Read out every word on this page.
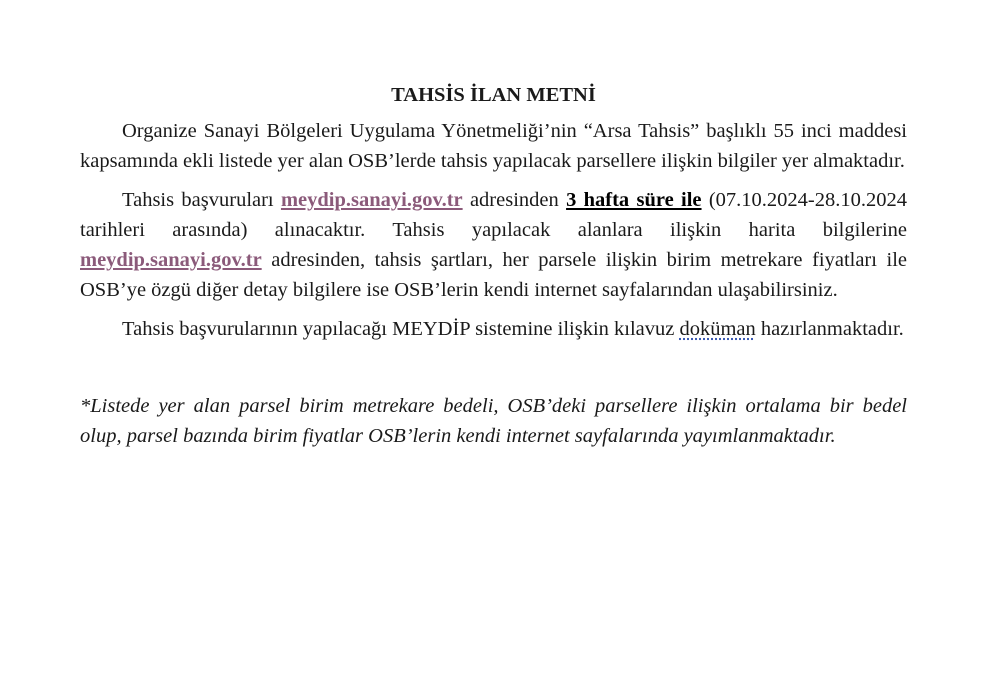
TAHSİS İLAN METNİ

Organize Sanayi Bölgeleri Uygulama Yönetmeliği’nin “Arsa Tahsis” başlıklı 55 inci maddesi kapsamında ekli listede yer alan OSB’lerde tahsis yapılacak parsellere ilişkin bilgiler yer almaktadır.

Tahsis başvuruları meydip.sanayi.gov.tr adresinden 3 hafta süre ile (07.10.2024-28.10.2024 tarihleri arasında) alınacaktır. Tahsis yapılacak alanlara ilişkin harita bilgilerine meydip.sanayi.gov.tr adresinden, tahsis şartları, her parsele ilişkin birim metrekare fiyatları ile OSB’ye özgü diğer detay bilgilere ise OSB’lerin kendi internet sayfalarından ulaşabilirsiniz.

Tahsis başvurularının yapılacağı MEYDİP sistemine ilişkin kılavuz doküman hazırlanmaktadır.

*Listede yer alan parsel birim metrekare bedeli, OSB’deki parsellere ilişkin ortalama bir bedel olup, parsel bazında birim fiyatlar OSB’lerin kendi internet sayfalarında yayımlanmaktadır.
